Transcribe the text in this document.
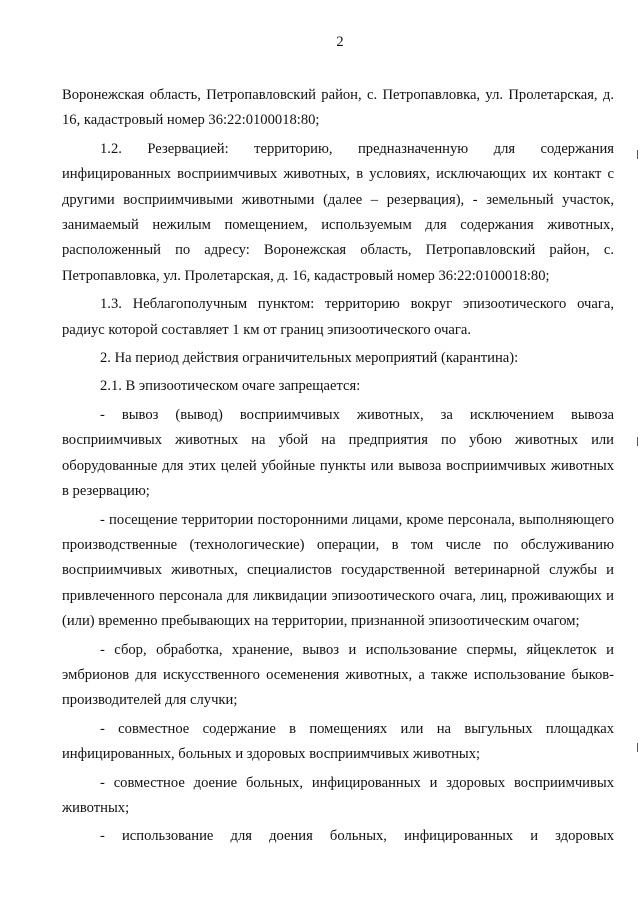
2

Воронежская область, Петропавловский район, с. Петропавловка, ул. Пролетарская, д. 16, кадастровый номер 36:22:0100018:80;

1.2. Резервацией: территорию, предназначенную для содержания инфицированных восприимчивых животных, в условиях, исключающих их контакт с другими восприимчивыми животными (далее – резервация), - земельный участок, занимаемый нежилым помещением, используемым для содержания животных, расположенный по адресу: Воронежская область, Петропавловский район, с. Петропавловка, ул. Пролетарская, д. 16, кадастровый номер 36:22:0100018:80;

1.3. Неблагополучным пунктом: территорию вокруг эпизоотического очага, радиус которой составляет 1 км от границ эпизоотического очага.

2. На период действия ограничительных мероприятий (карантина):

2.1. В эпизоотическом очаге запрещается:

- вывоз (вывод) восприимчивых животных, за исключением вывоза восприимчивых животных на убой на предприятия по убою животных или оборудованные для этих целей убойные пункты или вывоза восприимчивых животных в резервацию;

- посещение территории посторонними лицами, кроме персонала, выполняющего производственные (технологические) операции, в том числе по обслуживанию восприимчивых животных, специалистов государственной ветеринарной службы и привлеченного персонала для ликвидации эпизоотического очага, лиц, проживающих и (или) временно пребывающих на территории, признанной эпизоотическим очагом;

- сбор, обработка, хранение, вывоз и использование спермы, яйцеклеток и эмбрионов для искусственного осеменения животных, а также использование быков-производителей для случки;

- совместное содержание в помещениях или на выгульных площадках инфицированных, больных и здоровых восприимчивых животных;

- совместное доение больных, инфицированных и здоровых восприимчивых животных;

- использование для доения больных, инфицированных и здоровых
